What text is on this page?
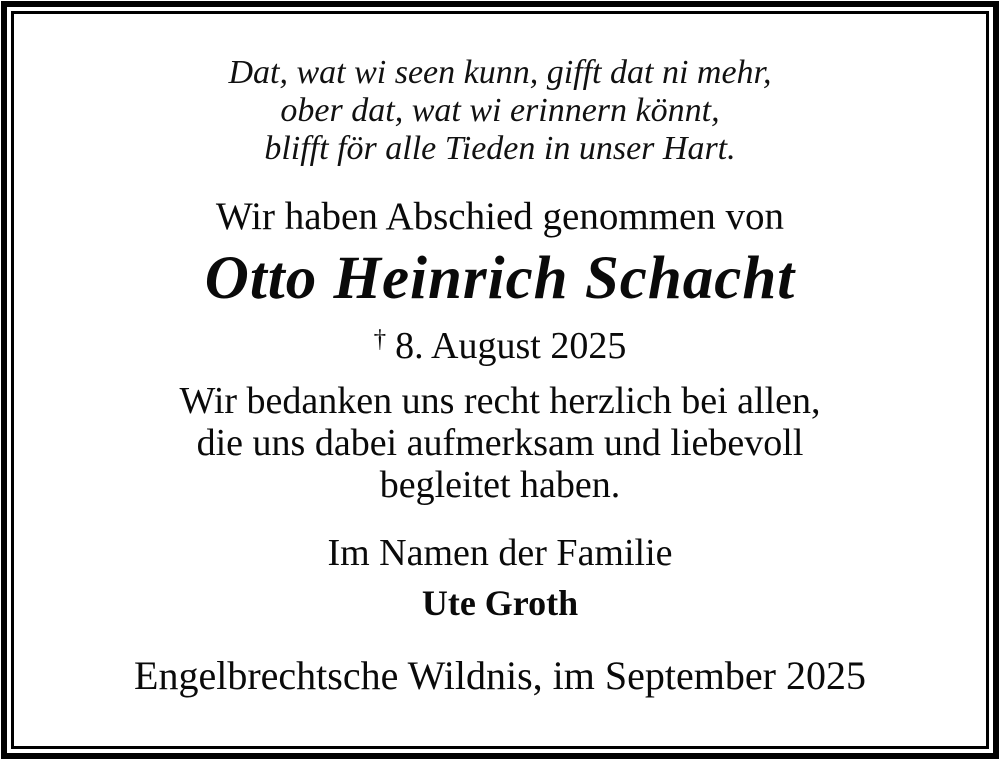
Dat, wat wi seen kunn, gifft dat ni mehr,
ober dat, wat wi erinnern könnt,
blifft för alle Tieden in unser Hart.
Wir haben Abschied genommen von
Otto Heinrich Schacht
† 8. August 2025
Wir bedanken uns recht herzlich bei allen,
die uns dabei aufmerksam und liebevoll
begleitet haben.
Im Namen der Familie
Ute Groth
Engelbrechtsche Wildnis, im September 2025
